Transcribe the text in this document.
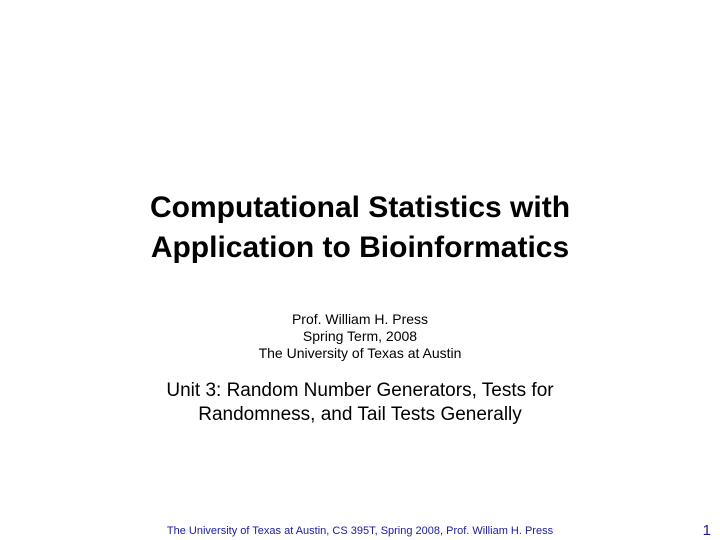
Computational Statistics with
Application to Bioinformatics
Prof. William H. Press
Spring Term, 2008
The University of Texas at Austin
Unit 3: Random Number Generators, Tests for
Randomness, and Tail Tests Generally
The University of Texas at Austin, CS 395T, Spring 2008, Prof. William H. Press	1
